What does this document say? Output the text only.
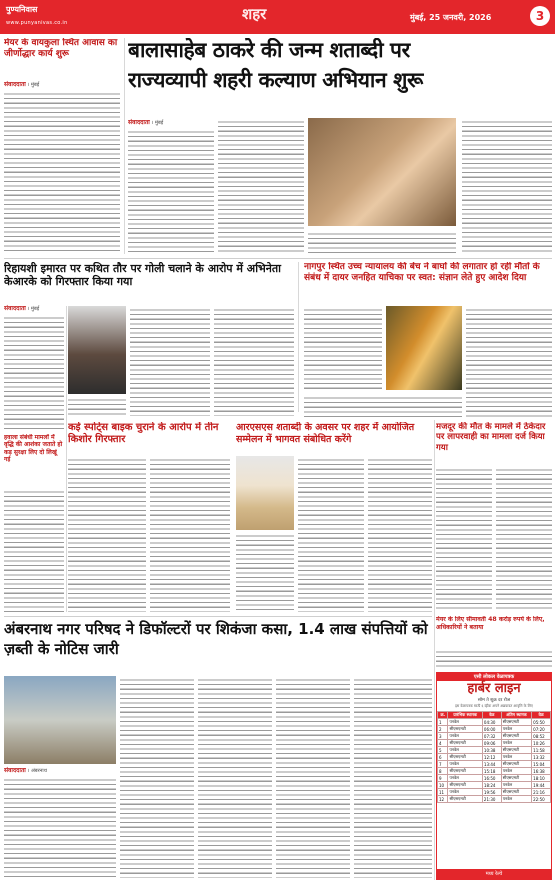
पुण्यनिवास
www.punyanivas.co.in	शहर	मुंबई, 25 जनवरी, 2026	3
मेयर के वायकुला स्थित आवास का जीर्णोद्धार कार्य शुरू
संवाददाता । मुंबई
बालासाहेब ठाकरे की जन्म शताब्दी पर
राज्यव्यापी शहरी कल्याण अभियान शुरू
संवाददाता । मुंबई
रिहायशी इमारत पर कथित तौर पर गोली चलाने के आरोप में अभिनेता केआरके को गिरफ्तार किया गया
संवाददाता । मुंबई
हवाला संबंधी मामलों में वृद्धि की आशंका जताते हो कड़ सुरक्षा लिए दो लिखूं गई
नागपुर स्थित उच्च न्यायालय की बेंच ने बाघों की लगातार हो रही मौतों के संबंध में दायर जनहित याचिका पर स्वत: संज्ञान लेते हुए आदेश दिया
कई स्पोर्ट्स बाइक चुराने के आरोप में तीन किशोर गिरफ्तार
आरएसएस शताब्दी के अवसर पर शहर में आयोजित सम्मेलन में भागवत संबोधित करेंगे
मजदूर की मौत के मामले में ठेकेदार पर लापरवाही का मामला दर्ज किया गया
अंबरनाथ नगर परिषद ने डिफॉल्टरों पर शिकंजा कसा, 1.4 लाख संपत्तियों को ज़ब्ती के नोटिस जारी
संवाददाता । अंबरनाथ
मेयर के लिए सीमावती 48 करोड़ रुपये के लिए, अधिकारियों ने बताया
एसी लोकल वेळापत्रक
हार्बर लाइन
सोम ते शुक्र दर रोज
इस वेळापत्रक साठी ६ व्हीक अपने अद्ययावत आवृत्ति के लिए
क्र.	प्रारंभिक स्थानक	वेळ	अंतिम स्थानक	वेळ
1	पनवेल	04:30	सीएसएमटी	05:50
2	सीएसएमटी	06:00	पनवेल	07:20
3	पनवेल	07:32	सीएसएमटी	08:52
4	सीएसएमटी	09:06	पनवेल	10:26
5	पनवेल	10:38	सीएसएमटी	11:58
6	सीएसएमटी	12:12	पनवेल	13:32
7	पनवेल	13:44	सीएसएमटी	15:04
8	सीएसएमटी	15:18	पनवेल	16:38
9	पनवेल	16:50	सीएसएमटी	18:10
10	सीएसएमटी	18:24	पनवेल	19:44
11	पनवेल	19:56	सीएसएमटी	21:16
12	सीएसएमटी	21:30	पनवेल	22:50
मध्य रेल्वे
